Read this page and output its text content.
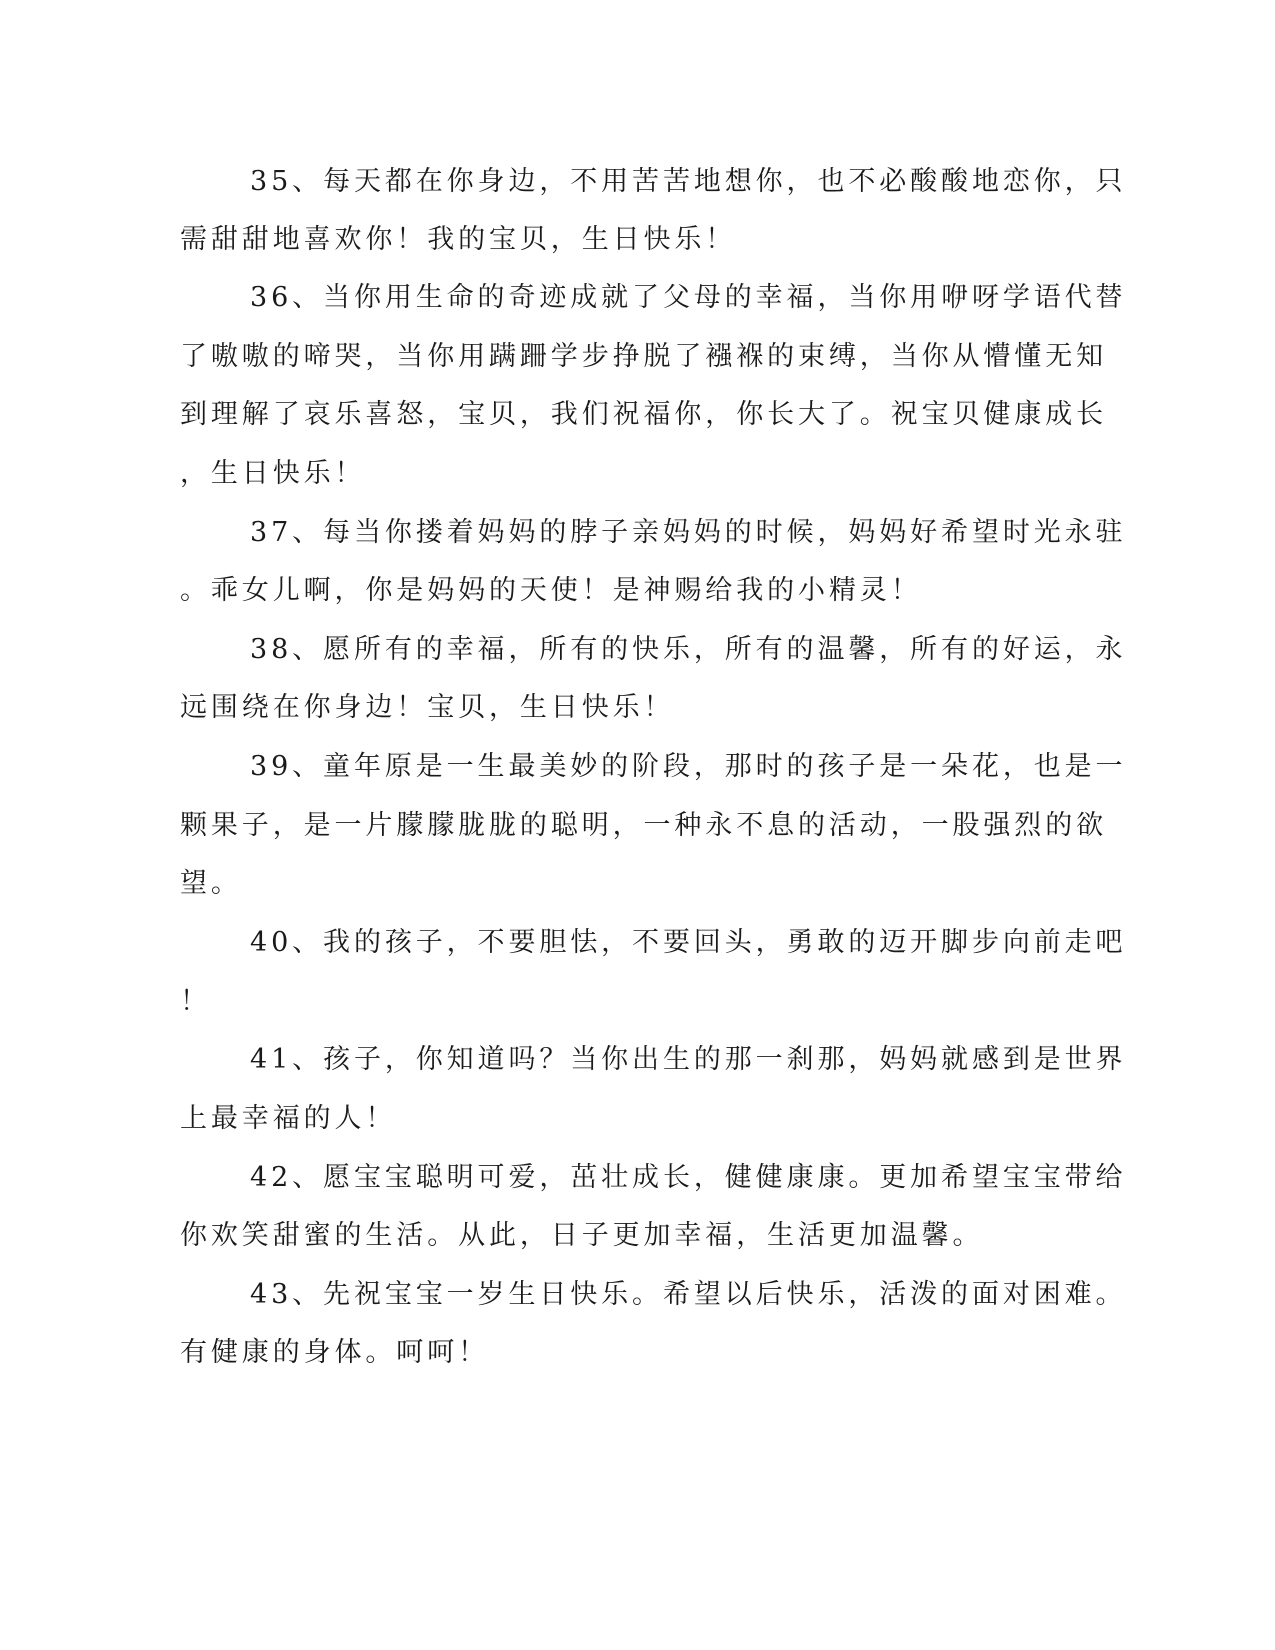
35、每天都在你身边，不用苦苦地想你，也不必酸酸地恋你，只
需甜甜地喜欢你！我的宝贝，生日快乐！
36、当你用生命的奇迹成就了父母的幸福，当你用咿呀学语代替
了嗷嗷的啼哭，当你用蹒跚学步挣脱了襁褓的束缚，当你从懵懂无知
到理解了哀乐喜怒，宝贝，我们祝福你，你长大了。祝宝贝健康成长
，生日快乐！
37、每当你搂着妈妈的脖子亲妈妈的时候，妈妈好希望时光永驻
。乖女儿啊，你是妈妈的天使！是神赐给我的小精灵！
38、愿所有的幸福，所有的快乐，所有的温馨，所有的好运，永
远围绕在你身边！宝贝，生日快乐！
39、童年原是一生最美妙的阶段，那时的孩子是一朵花，也是一
颗果子，是一片朦朦胧胧的聪明，一种永不息的活动，一股强烈的欲
望。
40、我的孩子，不要胆怯，不要回头，勇敢的迈开脚步向前走吧
！
41、孩子，你知道吗？当你出生的那一刹那，妈妈就感到是世界
上最幸福的人！
42、愿宝宝聪明可爱，茁壮成长，健健康康。更加希望宝宝带给
你欢笑甜蜜的生活。从此，日子更加幸福，生活更加温馨。
43、先祝宝宝一岁生日快乐。希望以后快乐，活泼的面对困难。
有健康的身体。呵呵！
